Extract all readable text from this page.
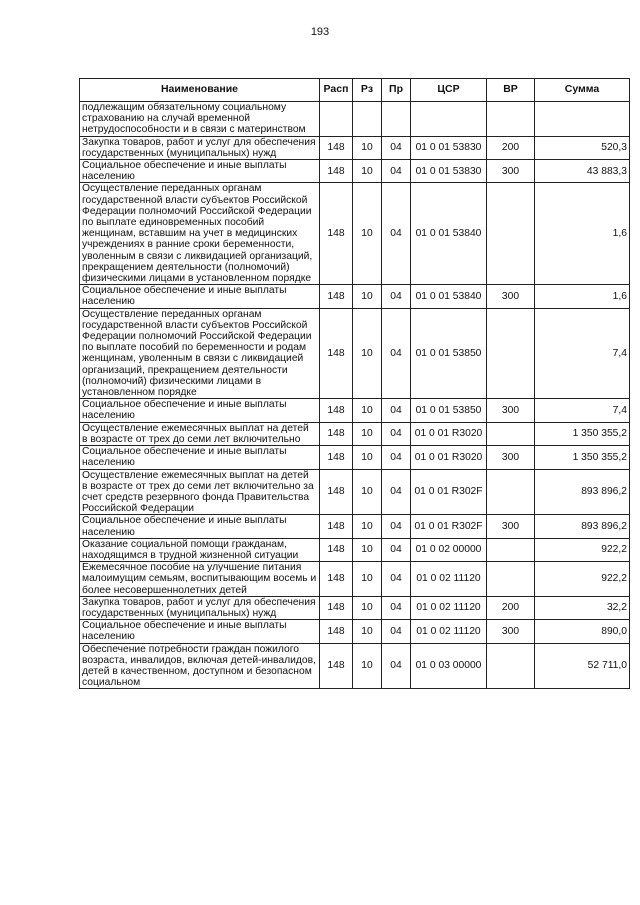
193
Наименование	Расп	Рз	Пр	ЦСР	ВР	Сумма
подлежащим обязательному социальному страхованию на случай временной нетрудоспособности и в связи с материнством						
Закупка товаров, работ и услуг для обеспечения государственных (муниципальных) нужд	148	10	04	01 0 01 53830	200	520,3
Социальное обеспечение и иные выплаты населению	148	10	04	01 0 01 53830	300	43 883,3
Осуществление переданных органам государственной власти субъектов Российской Федерации полномочий Российской Федерации по выплате единовременных пособий женщинам, вставшим на учет в медицинских учреждениях в ранние сроки беременности, уволенным в связи с ликвидацией организаций, прекращением деятельности (полномочий) физическими лицами в установленном порядке	148	10	04	01 0 01 53840		1,6
Социальное обеспечение и иные выплаты населению	148	10	04	01 0 01 53840	300	1,6
Осуществление переданных органам государственной власти субъектов Российской Федерации полномочий Российской Федерации по выплате пособий по беременности и родам женщинам, уволенным в связи с ликвидацией организаций, прекращением деятельности (полномочий) физическими лицами в установленном порядке	148	10	04	01 0 01 53850		7,4
Социальное обеспечение и иные выплаты населению	148	10	04	01 0 01 53850	300	7,4
Осуществление ежемесячных выплат на детей в возрасте от трех до семи лет включительно	148	10	04	01 0 01 R3020		1 350 355,2
Социальное обеспечение и иные выплаты населению	148	10	04	01 0 01 R3020	300	1 350 355,2
Осуществление ежемесячных выплат на детей в возрасте от трех до семи лет включительно за счет средств резервного фонда Правительства Российской Федерации	148	10	04	01 0 01 R302F		893 896,2
Социальное обеспечение и иные выплаты населению	148	10	04	01 0 01 R302F	300	893 896,2
Оказание социальной помощи гражданам, находящимся в трудной жизненной ситуации	148	10	04	01 0 02 00000		922,2
Ежемесячное пособие на улучшение питания малоимущим семьям, воспитывающим восемь и более несовершеннолетних детей	148	10	04	01 0 02 11120		922,2
Закупка товаров, работ и услуг для обеспечения государственных (муниципальных) нужд	148	10	04	01 0 02 11120	200	32,2
Социальное обеспечение и иные выплаты населению	148	10	04	01 0 02 11120	300	890,0
Обеспечение потребности граждан пожилого возраста, инвалидов, включая детей-инвалидов, детей в качественном, доступном и безопасном социальном	148	10	04	01 0 03 00000		52 711,0
